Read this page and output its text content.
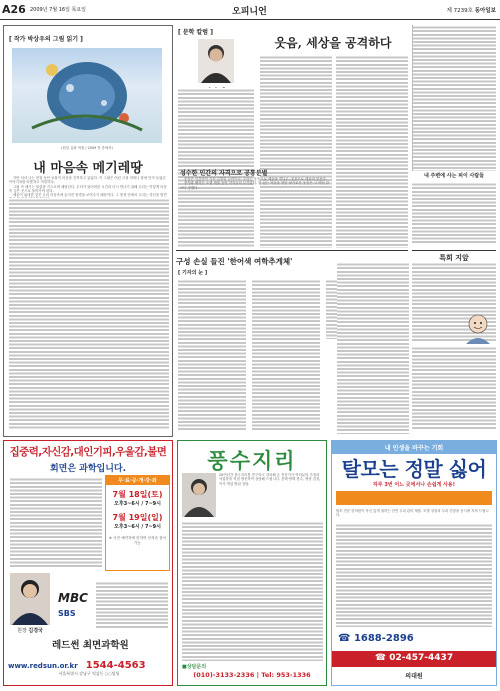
A26 2009년 7월 16일 목요일	오피니언	제 7239호 동아일보
[ 작가 박상우의 그림 읽기 ]
(원강 유화 작품 / 2009 작 중에서)
내 마음속 메기레땅

가만 서서 나는 한참 동안 보물이 마음을 간직하고 있었다. 이 그림은 어린 시절 어머니 품에 안겨 들었던 이야기처럼 따뜻하고 아련하다.

그림 속 메기는 물살을 거스르며 헤엄친다. 우리가 잃어버린 시간과 다시 만나기 위해 우리는 이렇게 마음속 깊은 곳으로 돌아가야 한다.

예술이 위대한 것은 우리 마음속에 숨겨진 풍경을 보여주기 때문이다. 그 풍경 안에서 우리는 자신을 발견

[ 문학 칼럼 ]
웃음, 세상을 공격하다
성수한 인간의 자격으로 공통분별

웃음은 인간만이 가진 특별한 능력이다. 우리는 웃음으로 세상을 견디고, 웃음으로 세상과 맞선다.

풍자와 해학은 오랜 세월 동안 약자들의 무기였다. 힘 있는 자들을 향한 날카로운 웃음은 그 어떤 칼보다 강했다.

내 주변에 사는 피이 사람들
구성 손실 들진 '한어색 여학추게체'
[ 기자의 눈 ]
특희 지앞
집중력,자신감,대인기피,우울감,불면
회면은 과학입니다.
무·료·공·개·강·좌
7월 18일(토)
오후3~6시 / 7~9시
7월 19일(일)
오후3~6시 / 7~9시
※ 사전 예약자에 한하여 선착순 참석 가능
원장 김경국
MBC
SBS
레드썬 최면과학원
www.redsun.or.kr 1544-4563
서울특별시 강남구 역삼동 ○○빌딩
풍수지리
20여년간 풍수지리를 연구하고 강의해 온 전문가가 여러분의 가정과 사업장을 직접 방문하여 상담해 드립니다. 음택·양택 풍수, 명당 감정, 이사·개업 방위 상담.
■상담문의
(010)-3133-2336 | Tel: 953-1336
내 인생을 바꾸는 기회
탈모는 정말 싫어
하루 3번 어느 곳에서나 손쉽게 사용!
탈모 전문 한의원이 자신 있게 권하는 천연 두피 관리 제품. 모발 성장과 두피 건강을 동시에 지켜 드립니다.
☎ 1688-2896
☎ 02-457-4437
의대원
